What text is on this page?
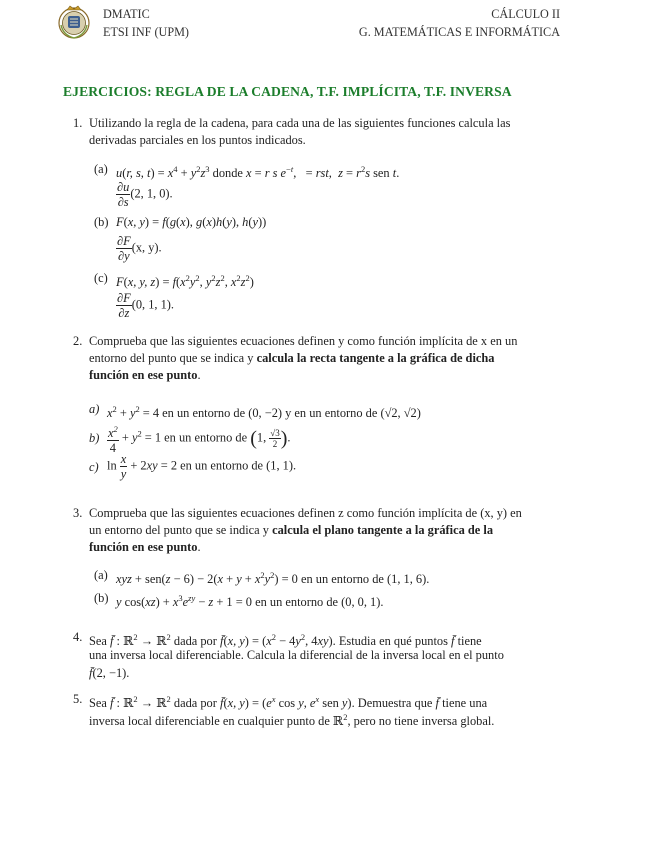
DMATIC
ETSI INF (UPM)
CÁLCULO II
G. MATEMÁTICAS E INFORMÁTICA
EJERCICIOS: REGLA DE LA CADENA, T.F. IMPLÍCITA, T.F. INVERSA
1. Utilizando la regla de la cadena, para cada una de las siguientes funciones calcula las
derivadas parciales en los puntos indicados.
(a) u(r, s, $t) = x^4 + y^2z^3$ donde x = r s $e^{-t}$,   = rst,  $z = r^2s$ sen t.
$\frac{\partial u}{\partial s} (2$, 1, 0).
(b) F(x, y) = f(g(x), g(x)h(y), h(y))
$\frac{\partial F}{\partial y} (x$, y).
(c) F(x, y, $z) = f(x^2y^2$, $y^2z^2$, $x^2z^2$)
$\frac{\partial F}{\partial z} (0$, 1, 1).
2. Comprueba que las siguientes ecuaciones definen y como función implícita de x en un
entorno del punto que se indica y calcula la recta tangente a la gráfica de dicha
función en ese punto.
a) $x^2 + y^2 = 4$ en un entorno de (0, −2) y en un entorno de (√2, √2)
$b) \frac{x^2}{4} + y^2 = 1$ en un entorno de (1, $\frac{√3}{2}$).
c) $\ln \frac{x}{y} + 2xy = 2$ en un entorno de (1, 1).
3. Comprueba que las siguientes ecuaciones definen z como función implícita de (x, y) en
un entorno del punto que se indica y calcula el plano tangente a la gráfica de la
función en ese punto.
(a) xyz + $sen(z - 6) - 2(x + y + x^2y^2) = 0$ en un entorno de (1, 1, 6).
(b) y $\cos(xz) + x^3e^{zy} - z + 1 = 0$ en un entorno de (0, 0, 1).
4. Sea f̄ : ℝ$^2$ → ℝ$^2$ dada por f̄(x, $y) = (x^2 - 4y^2$, 4xy). Estudia en qué puntos f̄ tiene
una inversa local diferenciable. Calcula la diferencial de la inversa local en el punto
f̄(2, −1).
5. Sea f̄ : ℝ$^2$ → ℝ$^2$ dada por f̄(x, $y) = (e^x$ cos y, $e^x$ sen y). Demuestra que f̄ tiene una
inversa local diferenciable en cualquier punto de ℝ$^2$, pero no tiene inversa global.
